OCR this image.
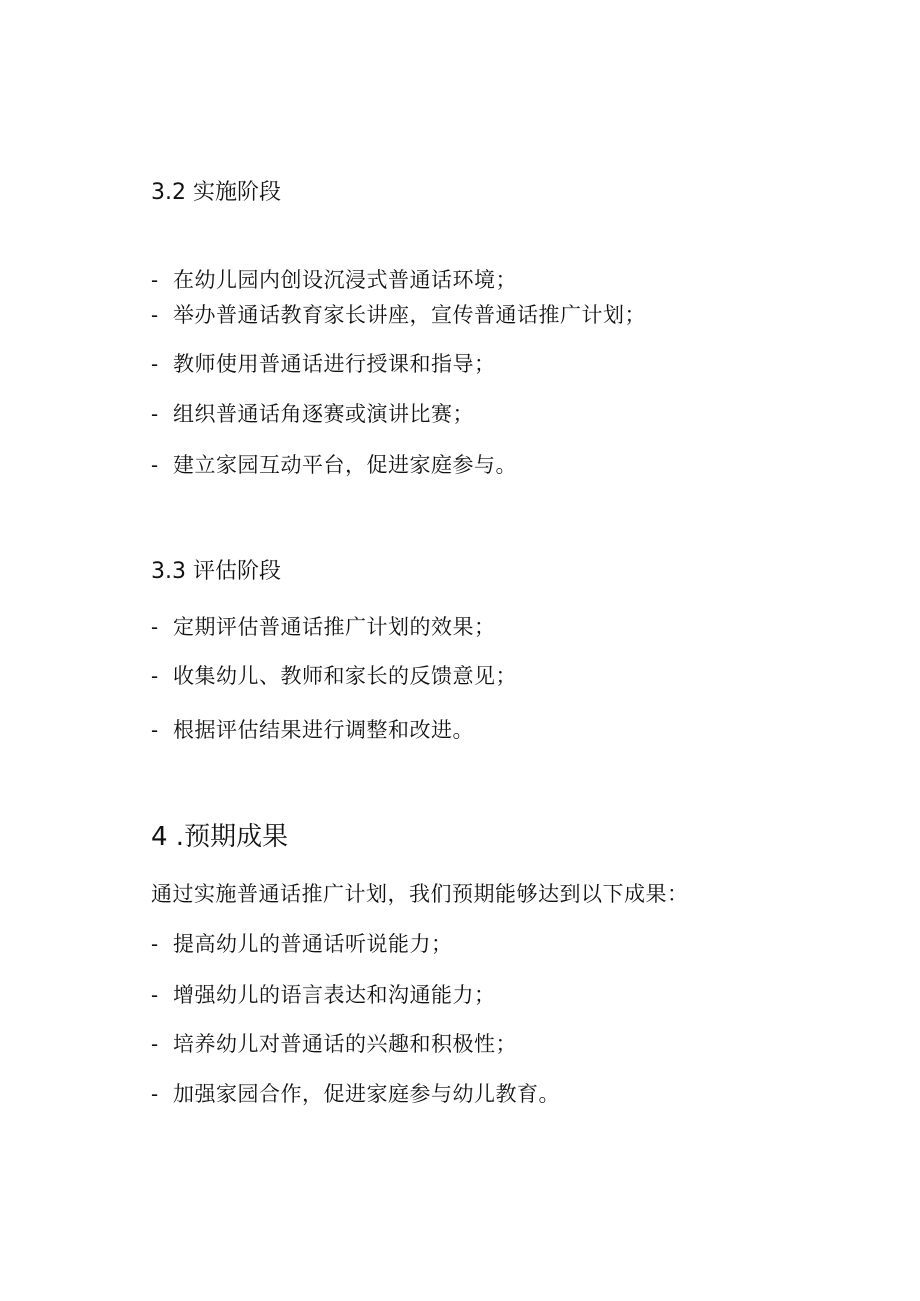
3.2 实施阶段
- 在幼儿园内创设沉浸式普通话环境；
- 举办普通话教育家长讲座，宣传普通话推广计划；
- 教师使用普通话进行授课和指导；
- 组织普通话角逐赛或演讲比赛；
- 建立家园互动平台，促进家庭参与。
3.3 评估阶段
- 定期评估普通话推广计划的效果；
- 收集幼儿、教师和家长的反馈意见；
- 根据评估结果进行调整和改进。
4 .预期成果
通过实施普通话推广计划，我们预期能够达到以下成果：
- 提高幼儿的普通话听说能力；
- 增强幼儿的语言表达和沟通能力；
- 培养幼儿对普通话的兴趣和积极性；
- 加强家园合作，促进家庭参与幼儿教育。
